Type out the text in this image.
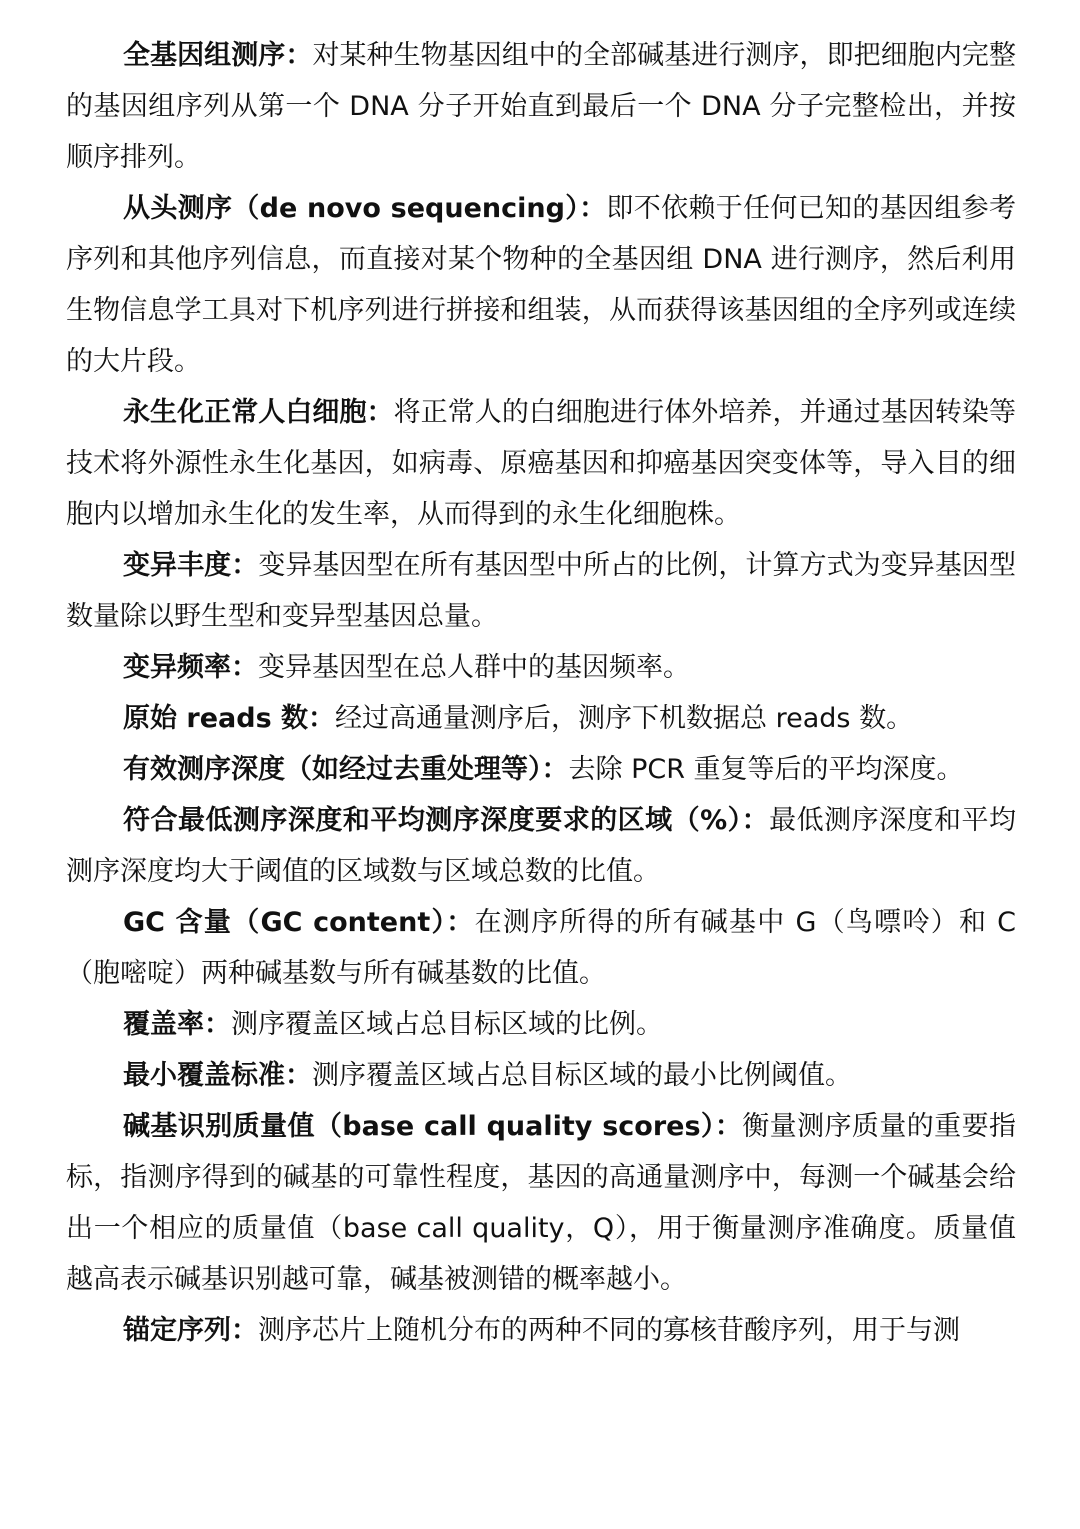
全基因组测序：对某种生物基因组中的全部碱基进行测序，即把细胞内完整的基因组序列从第一个 DNA 分子开始直到最后一个 DNA 分子完整检出，并按顺序排列。

从头测序（de novo sequencing）：即不依赖于任何已知的基因组参考序列和其他序列信息，而直接对某个物种的全基因组 DNA 进行测序，然后利用生物信息学工具对下机序列进行拼接和组装，从而获得该基因组的全序列或连续的大片段。

永生化正常人白细胞：将正常人的白细胞进行体外培养，并通过基因转染等技术将外源性永生化基因，如病毒、原癌基因和抑癌基因突变体等，导入目的细胞内以增加永生化的发生率，从而得到的永生化细胞株。

变异丰度：变异基因型在所有基因型中所占的比例，计算方式为变异基因型数量除以野生型和变异型基因总量。

变异频率：变异基因型在总人群中的基因频率。

原始 reads 数：经过高通量测序后，测序下机数据总 reads 数。

有效测序深度（如经过去重处理等）：去除 PCR 重复等后的平均深度。

符合最低测序深度和平均测序深度要求的区域（%）：最低测序深度和平均测序深度均大于阈值的区域数与区域总数的比值。

GC 含量（GC content）：在测序所得的所有碱基中 G（鸟嘌呤）和 C（胞嘧啶）两种碱基数与所有碱基数的比值。

覆盖率：测序覆盖区域占总目标区域的比例。

最小覆盖标准：测序覆盖区域占总目标区域的最小比例阈值。

碱基识别质量值（base call quality scores）：衡量测序质量的重要指标，指测序得到的碱基的可靠性程度，基因的高通量测序中，每测一个碱基会给出一个相应的质量值（base call quality，Q），用于衡量测序准确度。质量值越高表示碱基识别越可靠，碱基被测错的概率越小。

锚定序列：测序芯片上随机分布的两种不同的寡核苷酸序列，用于与测
